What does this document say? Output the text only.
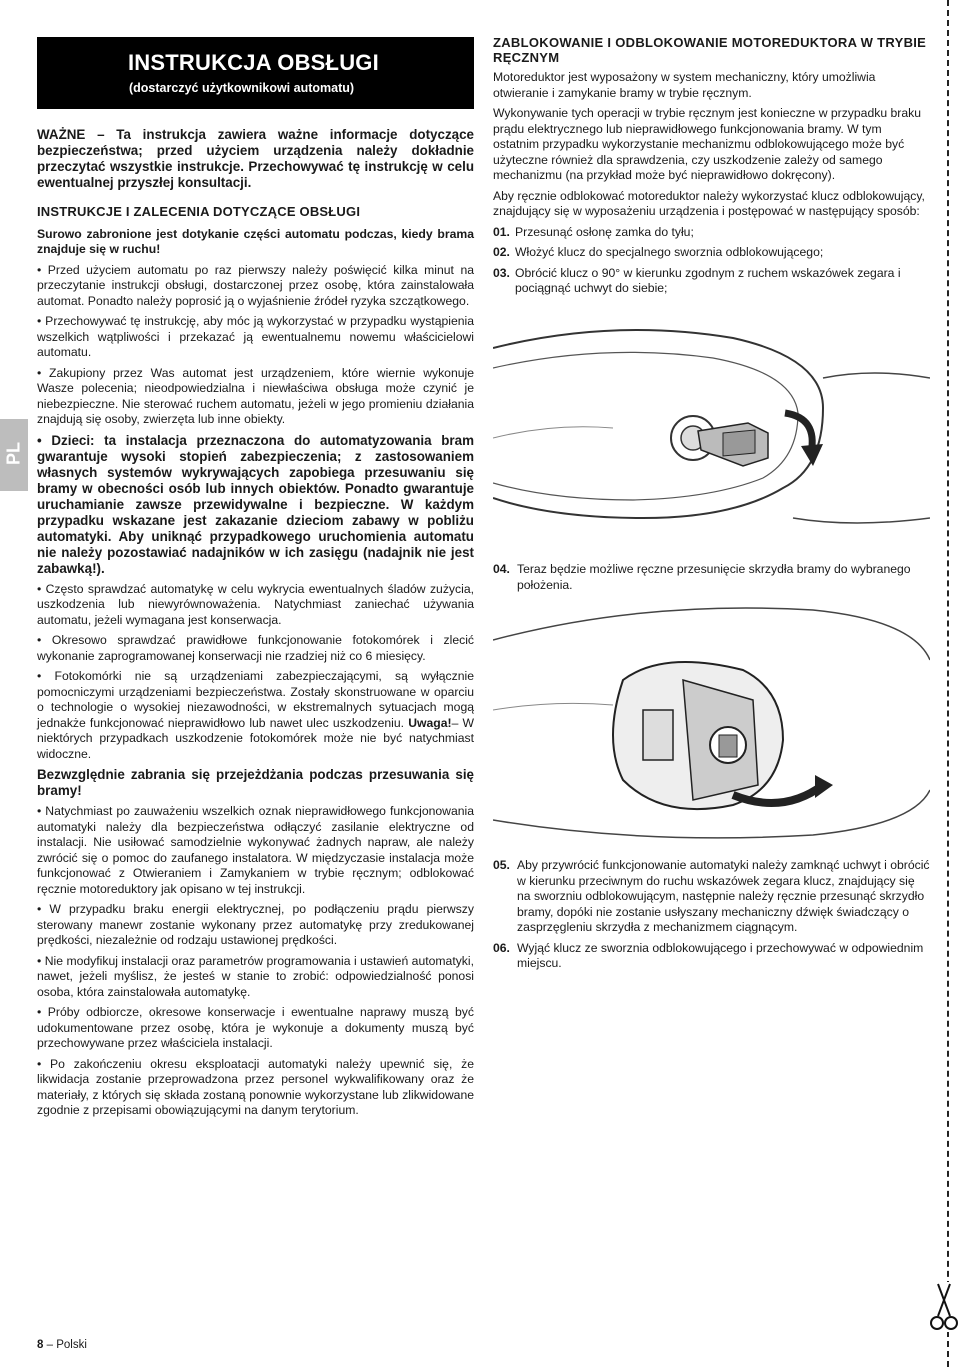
INSTRUKCJA OBSŁUGI
(dostarczyć użytkownikowi automatu)
PL

WAŻNE – Ta instrukcja zawiera ważne informacje dotyczące bezpieczeństwa; przed użyciem urządzenia należy dokładnie przeczytać wszystkie instrukcje. Przechowywać tę instrukcję w celu ewentualnej przyszłej konsultacji.

INSTRUKCJE I ZALECENIA DOTYCZĄCE OBSŁUGI

Surowo zabronione jest dotykanie części automatu podczas, kiedy brama znajduje się w ruchu!

• Przed użyciem automatu po raz pierwszy należy poświęcić kilka minut na przeczytanie instrukcji obsługi, dostarczonej przez osobę, która zainstalowała automat. Ponadto należy poprosić ją o wyjaśnienie źródeł ryzyka szczątkowego.

• Przechowywać tę instrukcję, aby móc ją wykorzystać w przypadku wystąpienia wszelkich wątpliwości i przekazać ją ewentualnemu nowemu właścicielowi automatu.

• Zakupiony przez Was automat jest urządzeniem, które wiernie wykonuje Wasze polecenia; nieodpowiedzialna i niewłaściwa obsługa może czynić je niebezpieczne. Nie sterować ruchem automatu, jeżeli w jego promieniu działania znajdują się osoby, zwierzęta lub inne obiekty.

• Dzieci: ta instalacja przeznaczona do automatyzowania bram gwarantuje wysoki stopień zabezpieczenia; z zastosowaniem własnych systemów wykrywających zapobiega przesuwaniu się bramy w obecności osób lub innych obiektów. Ponadto gwarantuje uruchamianie zawsze przewidywalne i bezpieczne. W każdym przypadku wskazane jest zakazanie dzieciom zabawy w pobliżu automatyki. Aby uniknąć przypadkowego uruchomienia automatu nie należy pozostawiać nadajników w ich zasięgu (nadajnik nie jest zabawką!).

• Często sprawdzać automatykę w celu wykrycia ewentualnych śladów zużycia, uszkodzenia lub niewyrównoważenia. Natychmiast zaniechać używania automatu, jeżeli wymagana jest konserwacja.

• Okresowo sprawdzać prawidłowe funkcjonowanie fotokomórek i zlecić wykonanie zaprogramowanej konserwacji nie rzadziej niż co 6 miesięcy.

• Fotokomórki nie są urządzeniami zabezpieczającymi, są wyłącznie pomocniczymi urządzeniami bezpieczeństwa. Zostały skonstruowane w oparciu o technologie o wysokiej niezawodności, w ekstremalnych sytuacjach mogą jednakże funkcjonować nieprawidłowo lub nawet ulec uszkodzeniu. Uwaga!– W niektórych przypadkach uszkodzenie fotokomórek może nie być natychmiast widoczne.

Bezwzględnie zabrania się przejeżdżania podczas przesuwania się bramy!

• Natychmiast po zauważeniu wszelkich oznak nieprawidłowego funkcjonowania automatyki należy dla bezpieczeństwa odłączyć zasilanie elektryczne od instalacji. Nie usiłować samodzielnie wykonywać żadnych napraw, ale należy zwrócić się o pomoc do zaufanego instalatora. W międzyczasie instalacja może funkcjonować z Otwieraniem i Zamykaniem w trybie ręcznym; odblokować ręcznie motoreduktory jak opisano w tej instrukcji.

• W przypadku braku energii elektrycznej, po podłączeniu prądu pierwszy sterowany manewr zostanie wykonany przez automatykę przy zredukowanej prędkości, niezależnie od rodzaju ustawionej prędkości.

• Nie modyfikuj instalacji oraz parametrów programowania i ustawień automatyki, nawet, jeżeli myślisz, że jesteś w stanie to zrobić: odpowiedzialność ponosi osoba, która zainstalowała automatykę.

• Próby odbiorcze, okresowe konserwacje i ewentualne naprawy muszą być udokumentowane przez osobę, która je wykonuje a dokumenty muszą być przechowywane przez właściciela instalacji.

• Po zakończeniu okresu eksploatacji automatyki należy upewnić się, że likwidacja zostanie przeprowadzona przez personel wykwalifikowany oraz że materiały, z których się składa zostaną ponownie wykorzystane lub zlikwidowane zgodnie z przepisami obowiązującymi na danym terytorium.

ZABLOKOWANIE I ODBLOKOWANIE MOTOREDUKTORA W TRYBIE RĘCZNYM

Motoreduktor jest wyposażony w system mechaniczny, który umożliwia otwieranie i zamykanie bramy w trybie ręcznym.

Wykonywanie tych operacji w trybie ręcznym jest konieczne w przypadku braku prądu elektrycznego lub nieprawidłowego funkcjonowania bramy. W tym ostatnim przypadku wykorzystanie mechanizmu odblokowującego może być użyteczne również dla sprawdzenia, czy uszkodzenie zależy od samego mechanizmu (na przykład może być nieprawidłowo dokręcony).

Aby ręcznie odblokować motoreduktor należy wykorzystać klucz odblokowujący, znajdujący się w wyposażeniu urządzenia i postępować w następujący sposób:

01. Przesunąć osłonę zamka do tyłu;
02. Włożyć klucz do specjalnego sworznia odblokowującego;
03. Obrócić klucz o 90° w kierunku zgodnym z ruchem wskazówek zegara i pociągnąć uchwyt do siebie;
04. Teraz będzie możliwe ręczne przesunięcie skrzydła bramy do wybranego położenia.
05. Aby przywrócić funkcjonowanie automatyki należy zamknąć uchwyt i obrócić w kierunku przeciwnym do ruchu wskazówek zegara klucz, znajdujący się na sworzniu odblokowującym, następnie należy ręcznie przesunąć skrzydło bramy, dopóki nie zostanie usłyszany mechaniczny dźwięk świadczący o zasprzęgleniu skrzydła z mechanizmem ciągnącym.
06. Wyjąć klucz ze sworznia odblokowującego i przechowywać w odpowiednim miejscu.
8 – Polski
